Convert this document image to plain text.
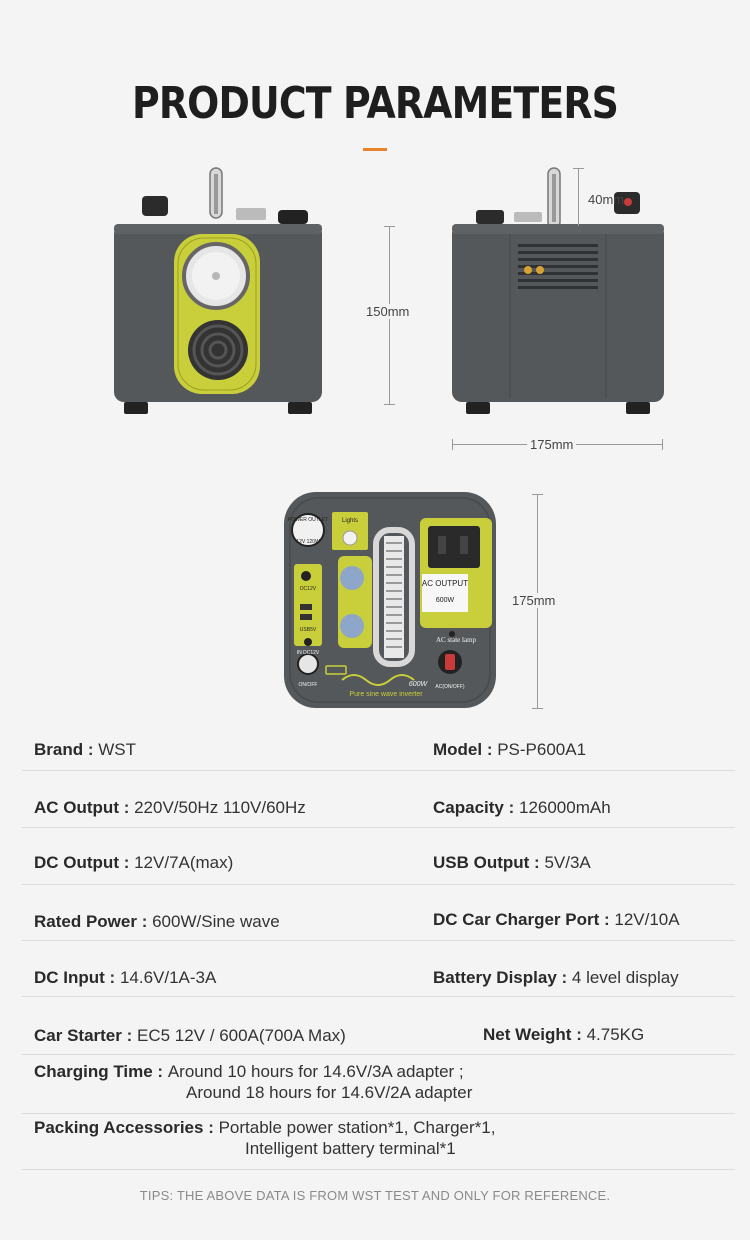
PRODUCT PARAMETERS
150mm
40mm
175mm
POWER OUTLET
12V 120W
Lights
DC12V
USB5V
IN DC12V
ON/OFF
AC OUTPUT
600W
AC state lamp
AC(ON/OFF)
600W
Pure sine wave inverter
175mm
Brand : WST	Model : PS-P600A1
AC Output : 220V/50Hz 110V/60Hz	Capacity : 126000mAh
DC Output : 12V/7A(max)	USB Output : 5V/3A
Rated Power : 600W/Sine wave	DC Car Charger Port : 12V/10A
DC Input : 14.6V/1A-3A	Battery Display : 4 level display
Car Starter : EC5 12V / 600A(700A Max)	Net Weight : 4.75KG
Charging Time : Around 10 hours for 14.6V/3A adapter ;
Around 18 hours for 14.6V/2A adapter
Packing Accessories : Portable power station*1, Charger*1,
Intelligent battery terminal*1
TIPS: THE ABOVE DATA IS FROM WST TEST AND ONLY FOR REFERENCE.
